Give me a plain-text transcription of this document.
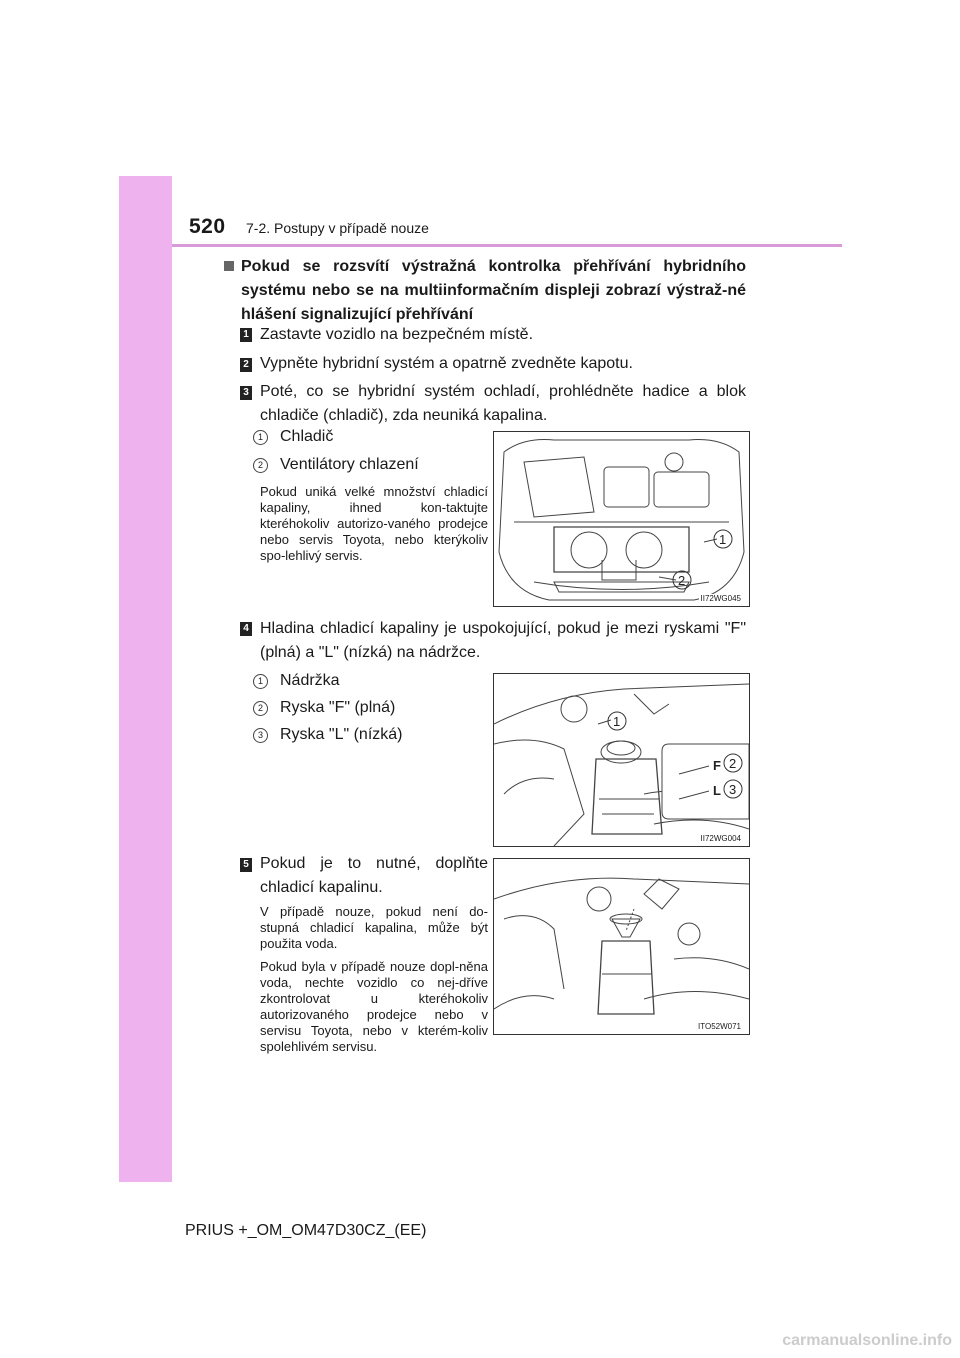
520 7-2. Postupy v případě nouze
Pokud se rozsvítí výstražná kontrolka přehřívání hybridního systému nebo se na multiinformačním displeji zobrazí výstraž-né hlášení signalizující přehřívání
1 Zastavte vozidlo na bezpečném místě.
2 Vypněte hybridní systém a opatrně zvedněte kapotu.
3 Poté, co se hybridní systém ochladí, prohlédněte hadice a blok chladiče (chladič), zda neuniká kapalina.
1	Chladič
2	Ventilátory chlazení

Pokud uniká velké množství chladicí kapaliny, ihned kon-taktujte kteréhokoliv autorizo-vaného prodejce nebo servis Toyota, nebo kterýkoliv spo-lehlivý servis.

1
2
II72WG045
4 Hladina chladicí kapaliny je uspokojující, pokud je mezi ryskami "F" (plná) a "L" (nízká) na nádržce.
1	Nádržka
2	Ryska "F" (plná)
3	Ryska "L" (nízká)
1
F 2
L 3
II72WG004
5 Pokud je to nutné, doplňte chladicí kapalinu.

V případě nouze, pokud není do-stupná chladicí kapalina, může být použita voda.

Pokud byla v případě nouze dopl-něna voda, nechte vozidlo co nej-dříve zkontrolovat u kteréhokoliv autorizovaného prodejce nebo v servisu Toyota, nebo v kterém-koliv spolehlivém servisu.

ITO52W071
PRIUS +_OM_OM47D30CZ_(EE)
carmanualsonline.info
